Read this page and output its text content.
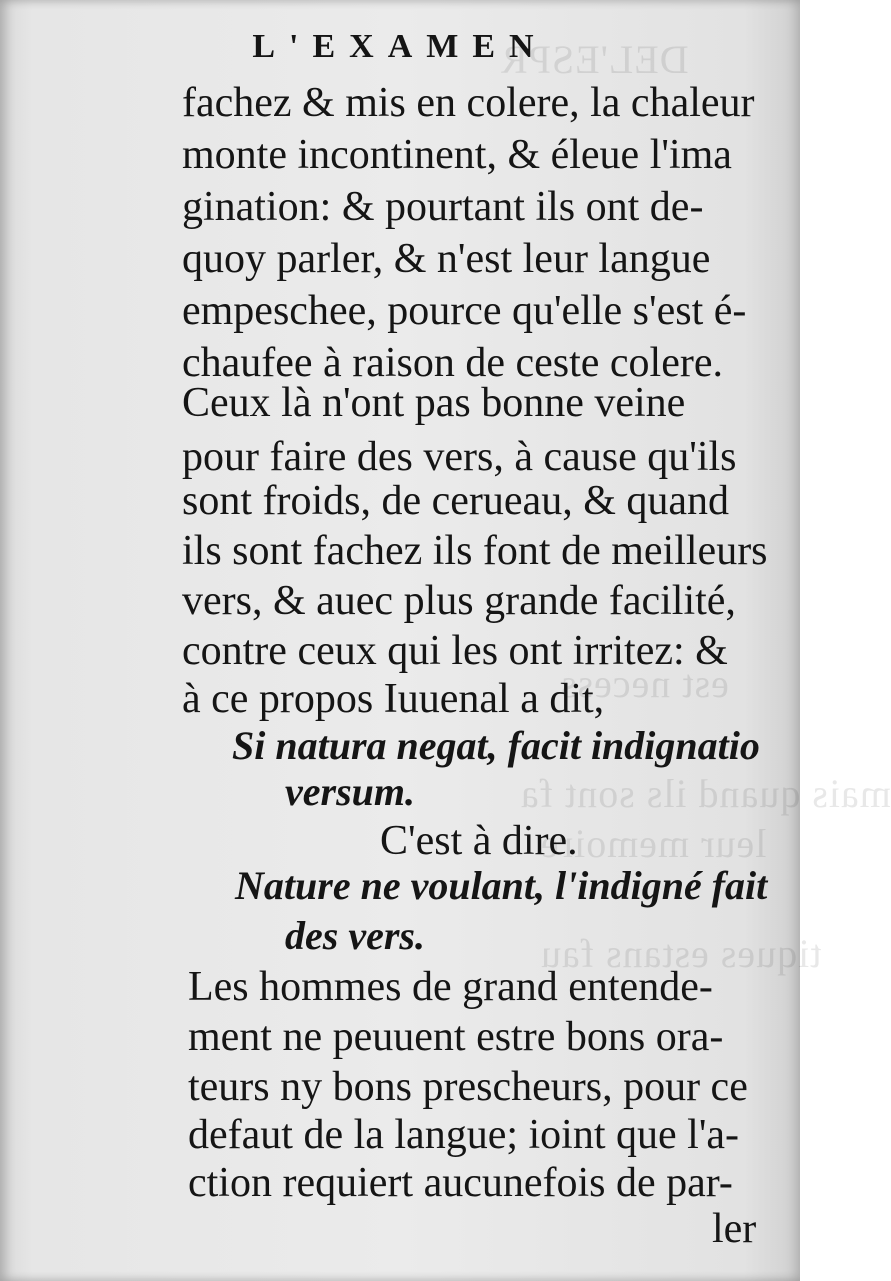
DEL'ESPR
est necess
mais quand ils sont fa
leur memoire
tiques estans fau
L'EXAMEN
fachez & mis en colere, la chaleur
monte incontinent, & éleue l'ima
gination: & pourtant ils ont de-
quoy parler, & n'est leur langue
empeschee, pource qu'elle s'est é-
chaufee à raison de ceste colere.
Ceux là n'ont pas bonne veine
pour faire des vers, à cause qu'ils
sont froids, de cerueau, & quand
ils sont fachez ils font de meilleurs
vers, & auec plus grande facilité,
contre ceux qui les ont irritez: &
à ce propos Iuuenal a dit,
Si natura negat, facit indignatio
versum.
C'est à dire.
Nature ne voulant, l'indigné fait
des vers.
Les hommes de grand entende-
ment ne peuuent estre bons ora-
teurs ny bons prescheurs, pour ce
defaut de la langue; ioint que l'a-
ction requiert aucunefois de par-
ler
